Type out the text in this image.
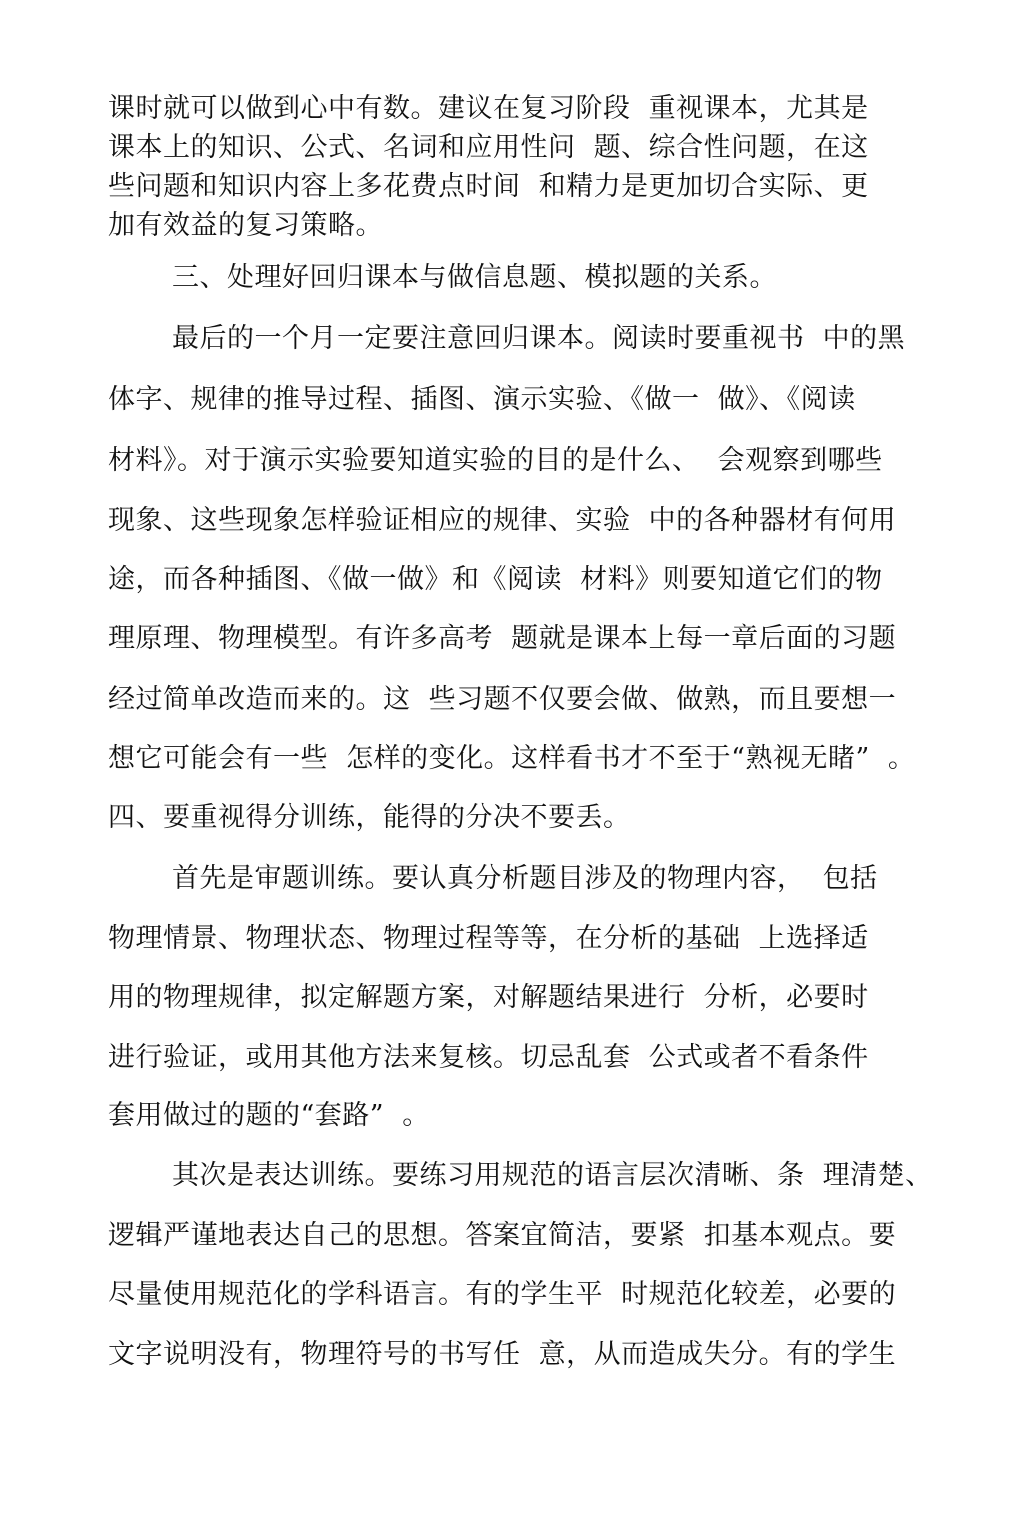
课时就可以做到心中有数。建议在复习阶段  重视课本，尤其是
课本上的知识、公式、名词和应用性问  题、综合性问题，在这
些问题和知识内容上多花费点时间  和精力是更加切合实际、更
加有效益的复习策略。
三、处理好回归课本与做信息题、模拟题的关系。
最后的一个月一定要注意回归课本。阅读时要重视书  中的黑
体字、规律的推导过程、插图、演示实验、《做一  做》、《阅读
材料》。对于演示实验要知道实验的目的是什么、  会观察到哪些
现象、这些现象怎样验证相应的规律、实验  中的各种器材有何用
途，而各种插图、《做一做》和《阅读  材料》则要知道它们的物
理原理、物理模型。有许多高考  题就是课本上每一章后面的习题
经过简单改造而来的。这  些习题不仅要会做、做熟，而且要想一
想它可能会有一些  怎样的变化。这样看书才不至于“熟视无睹”  。
四、要重视得分训练，能得的分决不要丢。
首先是审题训练。要认真分析题目涉及的物理内容，  包括
物理情景、物理状态、物理过程等等，在分析的基础  上选择适
用的物理规律，拟定解题方案，对解题结果进行  分析，必要时
进行验证，或用其他方法来复核。切忌乱套  公式或者不看条件
套用做过的题的“套路”  。
其次是表达训练。要练习用规范的语言层次清晰、条  理清楚、
逻辑严谨地表达自己的思想。答案宜简洁，要紧  扣基本观点。要
尽量使用规范化的学科语言。有的学生平  时规范化较差，必要的
文字说明没有，物理符号的书写任  意，从而造成失分。有的学生
